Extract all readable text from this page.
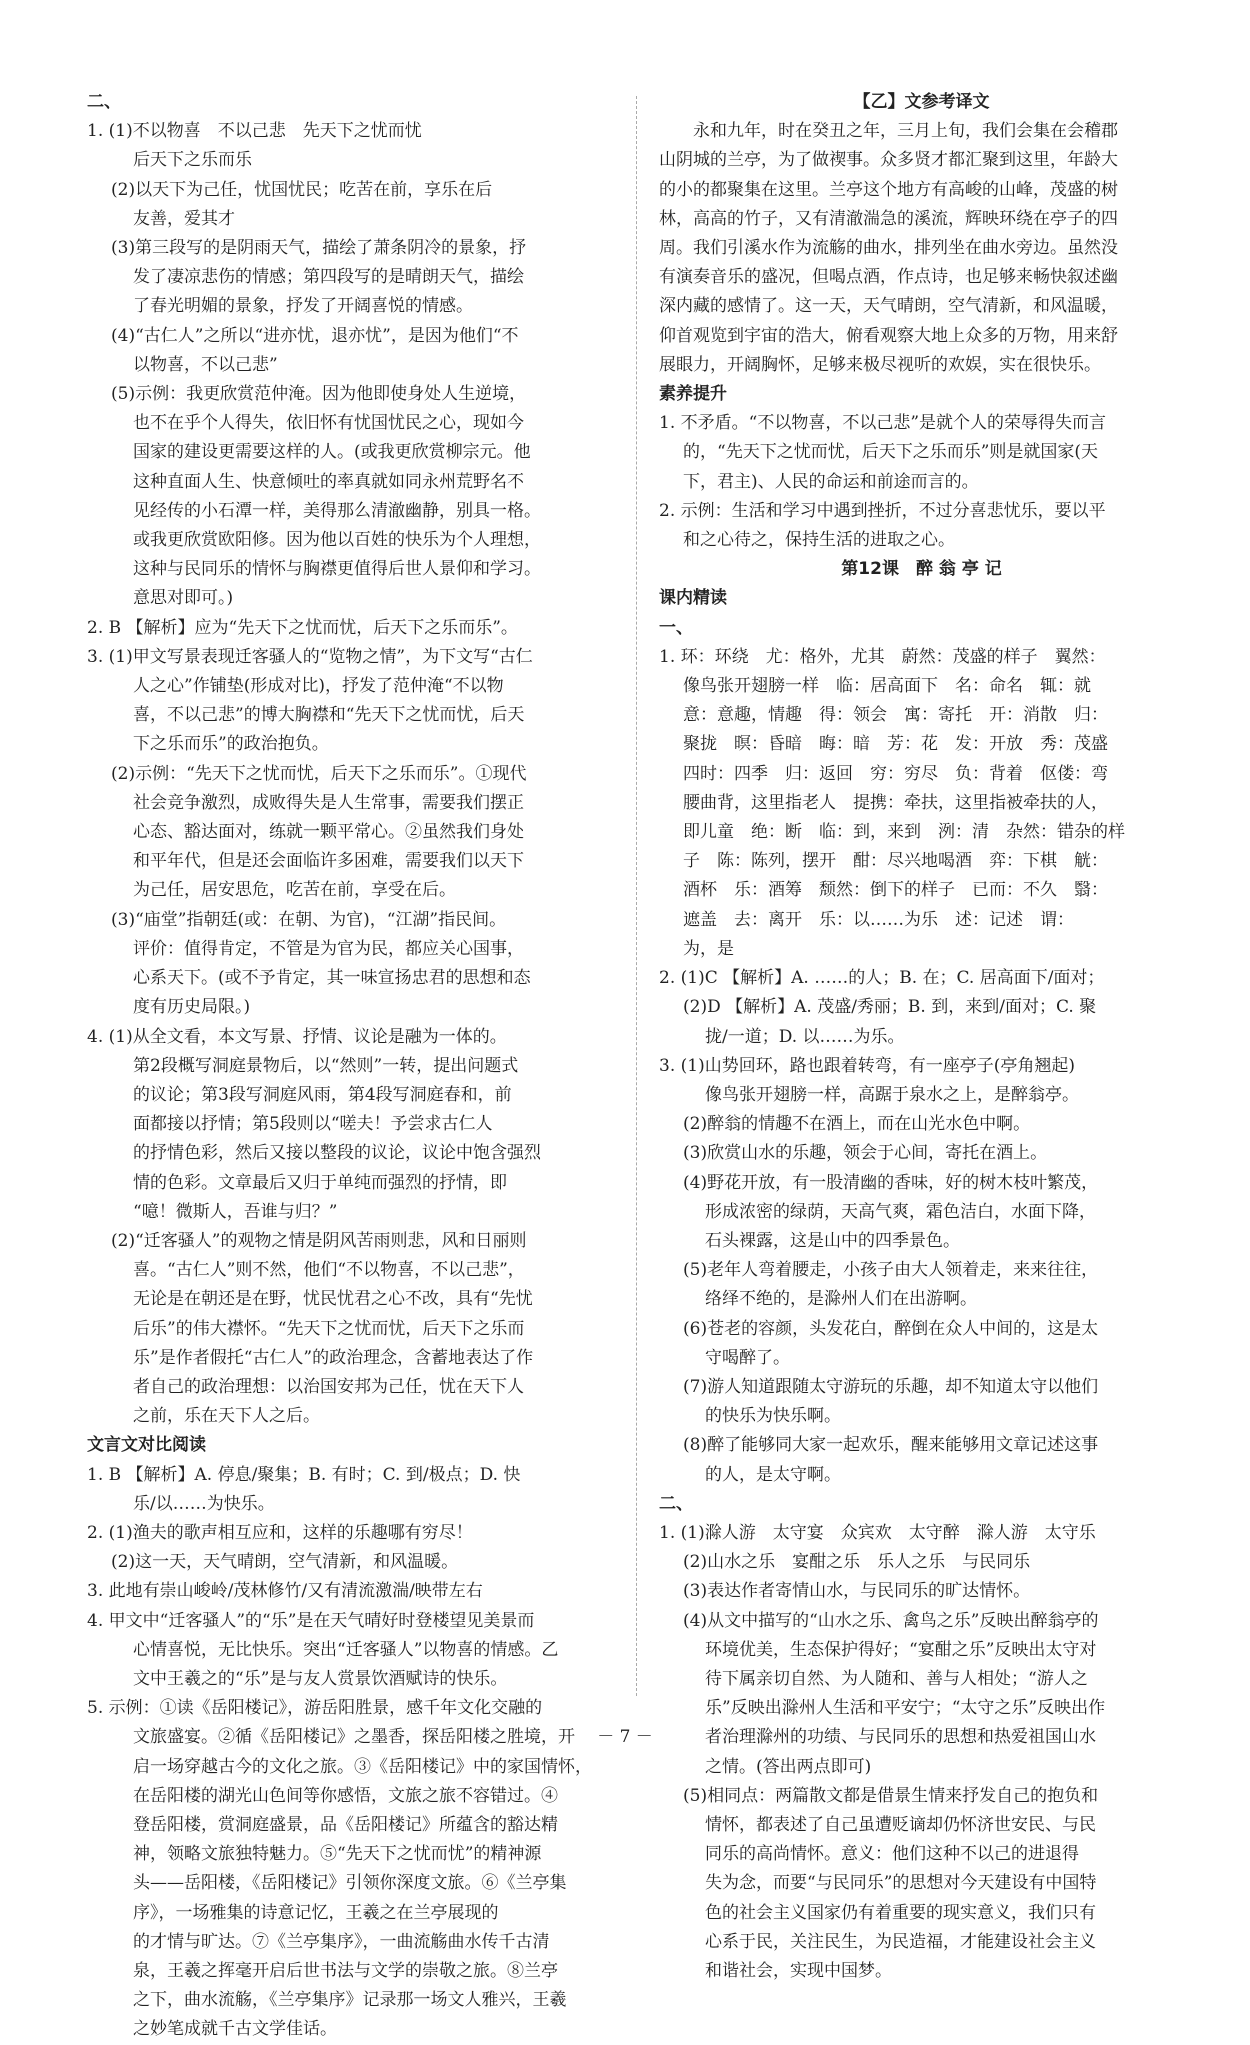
二、
1. (1)不以物喜　不以己悲　先天下之忧而忧
后天下之乐而乐
(2)以天下为己任，忧国忧民；吃苦在前，享乐在后
友善，爱其才
(3)第三段写的是阴雨天气，描绘了萧条阴冷的景象，抒
发了凄凉悲伤的情感；第四段写的是晴朗天气，描绘
了春光明媚的景象，抒发了开阔喜悦的情感。
(4)“古仁人”之所以“进亦忧，退亦忧”，是因为他们“不
以物喜，不以己悲”
(5)示例：我更欣赏范仲淹。因为他即使身处人生逆境，
也不在乎个人得失，依旧怀有忧国忧民之心，现如今
国家的建设更需要这样的人。(或我更欣赏柳宗元。他
这种直面人生、快意倾吐的率真就如同永州荒野名不
见经传的小石潭一样，美得那么清澈幽静，别具一格。
或我更欣赏欧阳修。因为他以百姓的快乐为个人理想，
这种与民同乐的情怀与胸襟更值得后世人景仰和学习。
意思对即可。)
2. B 【解析】应为“先天下之忧而忧，后天下之乐而乐”。
3. (1)甲文写景表现迁客骚人的“览物之情”，为下文写“古仁
人之心”作铺垫(形成对比)，抒发了范仲淹“不以物
喜，不以己悲”的博大胸襟和“先天下之忧而忧，后天
下之乐而乐”的政治抱负。
(2)示例：“先天下之忧而忧，后天下之乐而乐”。①现代
社会竞争激烈，成败得失是人生常事，需要我们摆正
心态、豁达面对，练就一颗平常心。②虽然我们身处
和平年代，但是还会面临许多困难，需要我们以天下
为己任，居安思危，吃苦在前，享受在后。
(3)“庙堂”指朝廷(或：在朝、为官)，“江湖”指民间。
评价：值得肯定，不管是为官为民，都应关心国事，
心系天下。(或不予肯定，其一味宣扬忠君的思想和态
度有历史局限。)
4. (1)从全文看，本文写景、抒情、议论是融为一体的。
第2段概写洞庭景物后，以“然则”一转，提出问题式
的议论；第3段写洞庭风雨，第4段写洞庭春和，前
面都接以抒情；第5段则以“嗟夫！予尝求古仁人
的抒情色彩，然后又接以整段的议论，议论中饱含强烈
情的色彩。文章最后又归于单纯而强烈的抒情，即
“噫！微斯人，吾谁与归？”
(2)“迁客骚人”的观物之情是阴风苦雨则悲，风和日丽则
喜。“古仁人”则不然，他们“不以物喜，不以己悲”，
无论是在朝还是在野，忧民忧君之心不改，具有“先忧
后乐”的伟大襟怀。“先天下之忧而忧，后天下之乐而
乐”是作者假托“古仁人”的政治理念，含蓄地表达了作
者自己的政治理想：以治国安邦为己任，忧在天下人
之前，乐在天下人之后。
文言文对比阅读
1. B 【解析】A. 停息/聚集；B. 有时；C. 到/极点；D. 快
乐/以……为快乐。
2. (1)渔夫的歌声相互应和，这样的乐趣哪有穷尽！
(2)这一天，天气晴朗，空气清新，和风温暖。
3. 此地有崇山峻岭/茂林修竹/又有清流激湍/映带左右
4. 甲文中“迁客骚人”的“乐”是在天气晴好时登楼望见美景而
心情喜悦，无比快乐。突出“迁客骚人”以物喜的情感。乙
文中王羲之的“乐”是与友人赏景饮酒赋诗的快乐。
5. 示例：①读《岳阳楼记》，游岳阳胜景，感千年文化交融的
文旅盛宴。②循《岳阳楼记》之墨香，探岳阳楼之胜境，开
启一场穿越古今的文化之旅。③《岳阳楼记》中的家国情怀，
在岳阳楼的湖光山色间等你感悟，文旅之旅不容错过。④
登岳阳楼，赏洞庭盛景，品《岳阳楼记》所蕴含的豁达精
神，领略文旅独特魅力。⑤“先天下之忧而忧”的精神源
头——岳阳楼，《岳阳楼记》引领你深度文旅。⑥《兰亭集
序》，一场雅集的诗意记忆，王羲之在兰亭展现的
的才情与旷达。⑦《兰亭集序》，一曲流觞曲水传千古清
泉，王羲之挥毫开启后世书法与文学的崇敬之旅。⑧兰亭
之下，曲水流觞，《兰亭集序》记录那一场文人雅兴，王羲
之妙笔成就千古文学佳话。
【乙】文参考译文
　　永和九年，时在癸丑之年，三月上旬，我们会集在会稽郡
山阴城的兰亭，为了做禊事。众多贤才都汇聚到这里，年龄大
的小的都聚集在这里。兰亭这个地方有高峻的山峰，茂盛的树
林，高高的竹子，又有清澈湍急的溪流，辉映环绕在亭子的四
周。我们引溪水作为流觞的曲水，排列坐在曲水旁边。虽然没
有演奏音乐的盛况，但喝点酒，作点诗，也足够来畅快叙述幽
深内藏的感情了。这一天，天气晴朗，空气清新，和风温暖，
仰首观览到宇宙的浩大，俯看观察大地上众多的万物，用来舒
展眼力，开阔胸怀，足够来极尽视听的欢娱，实在很快乐。
素养提升
1. 不矛盾。“不以物喜，不以己悲”是就个人的荣辱得失而言
的，“先天下之忧而忧，后天下之乐而乐”则是就国家(天
下，君主)、人民的命运和前途而言的。
2. 示例：生活和学习中遇到挫折，不过分喜悲忧乐，要以平
和之心待之，保持生活的进取之心。
第12课　醉 翁 亭 记
课内精读
一、
1. 环：环绕　尤：格外，尤其　蔚然：茂盛的样子　翼然：
像鸟张开翅膀一样　临：居高面下　名：命名　辄：就
意：意趣，情趣　得：领会　寓：寄托　开：消散　归：
聚拢　暝：昏暗　晦：暗　芳：花　发：开放　秀：茂盛
四时：四季　归：返回　穷：穷尽　负：背着　伛偻：弯
腰曲背，这里指老人　提携：牵扶，这里指被牵扶的人，
即儿童　绝：断　临：到，来到　洌：清　杂然：错杂的样
子　陈：陈列，摆开　酣：尽兴地喝酒　弈：下棋　觥：
酒杯　乐：酒筹　颓然：倒下的样子　已而：不久　翳：
遮盖　去：离开　乐：以……为乐　述：记述　谓：
为，是
2. (1)C 【解析】A. ……的人；B. 在；C. 居高面下/面对；
(2)D 【解析】A. 茂盛/秀丽；B. 到，来到/面对；C. 聚
拢/一道；D. 以……为乐。
3. (1)山势回环，路也跟着转弯，有一座亭子(亭角翘起)
像鸟张开翅膀一样，高踞于泉水之上，是醉翁亭。
(2)醉翁的情趣不在酒上，而在山光水色中啊。
(3)欣赏山水的乐趣，领会于心间，寄托在酒上。
(4)野花开放，有一股清幽的香味，好的树木枝叶繁茂，
形成浓密的绿荫，天高气爽，霜色洁白，水面下降，
石头裸露，这是山中的四季景色。
(5)老年人弯着腰走，小孩子由大人领着走，来来往往，
络绎不绝的，是滁州人们在出游啊。
(6)苍老的容颜，头发花白，醉倒在众人中间的，这是太
守喝醉了。
(7)游人知道跟随太守游玩的乐趣，却不知道太守以他们
的快乐为快乐啊。
(8)醉了能够同大家一起欢乐，醒来能够用文章记述这事
的人，是太守啊。
二、
1. (1)滁人游　太守宴　众宾欢　太守醉　滁人游　太守乐
(2)山水之乐　宴酣之乐　乐人之乐　与民同乐
(3)表达作者寄情山水，与民同乐的旷达情怀。
(4)从文中描写的“山水之乐、禽鸟之乐”反映出醉翁亭的
环境优美，生态保护得好；“宴酣之乐”反映出太守对
待下属亲切自然、为人随和、善与人相处；“游人之
乐”反映出滁州人生活和平安宁；“太守之乐”反映出作
者治理滁州的功绩、与民同乐的思想和热爱祖国山水
之情。(答出两点即可)
(5)相同点：两篇散文都是借景生情来抒发自己的抱负和
情怀，都表述了自己虽遭贬谪却仍怀济世安民、与民
同乐的高尚情怀。意义：他们这种不以己的进退得
失为念，而要“与民同乐”的思想对今天建设有中国特
色的社会主义国家仍有着重要的现实意义，我们只有
心系于民，关注民生，为民造福，才能建设社会主义
和谐社会，实现中国梦。
－ 7 －
